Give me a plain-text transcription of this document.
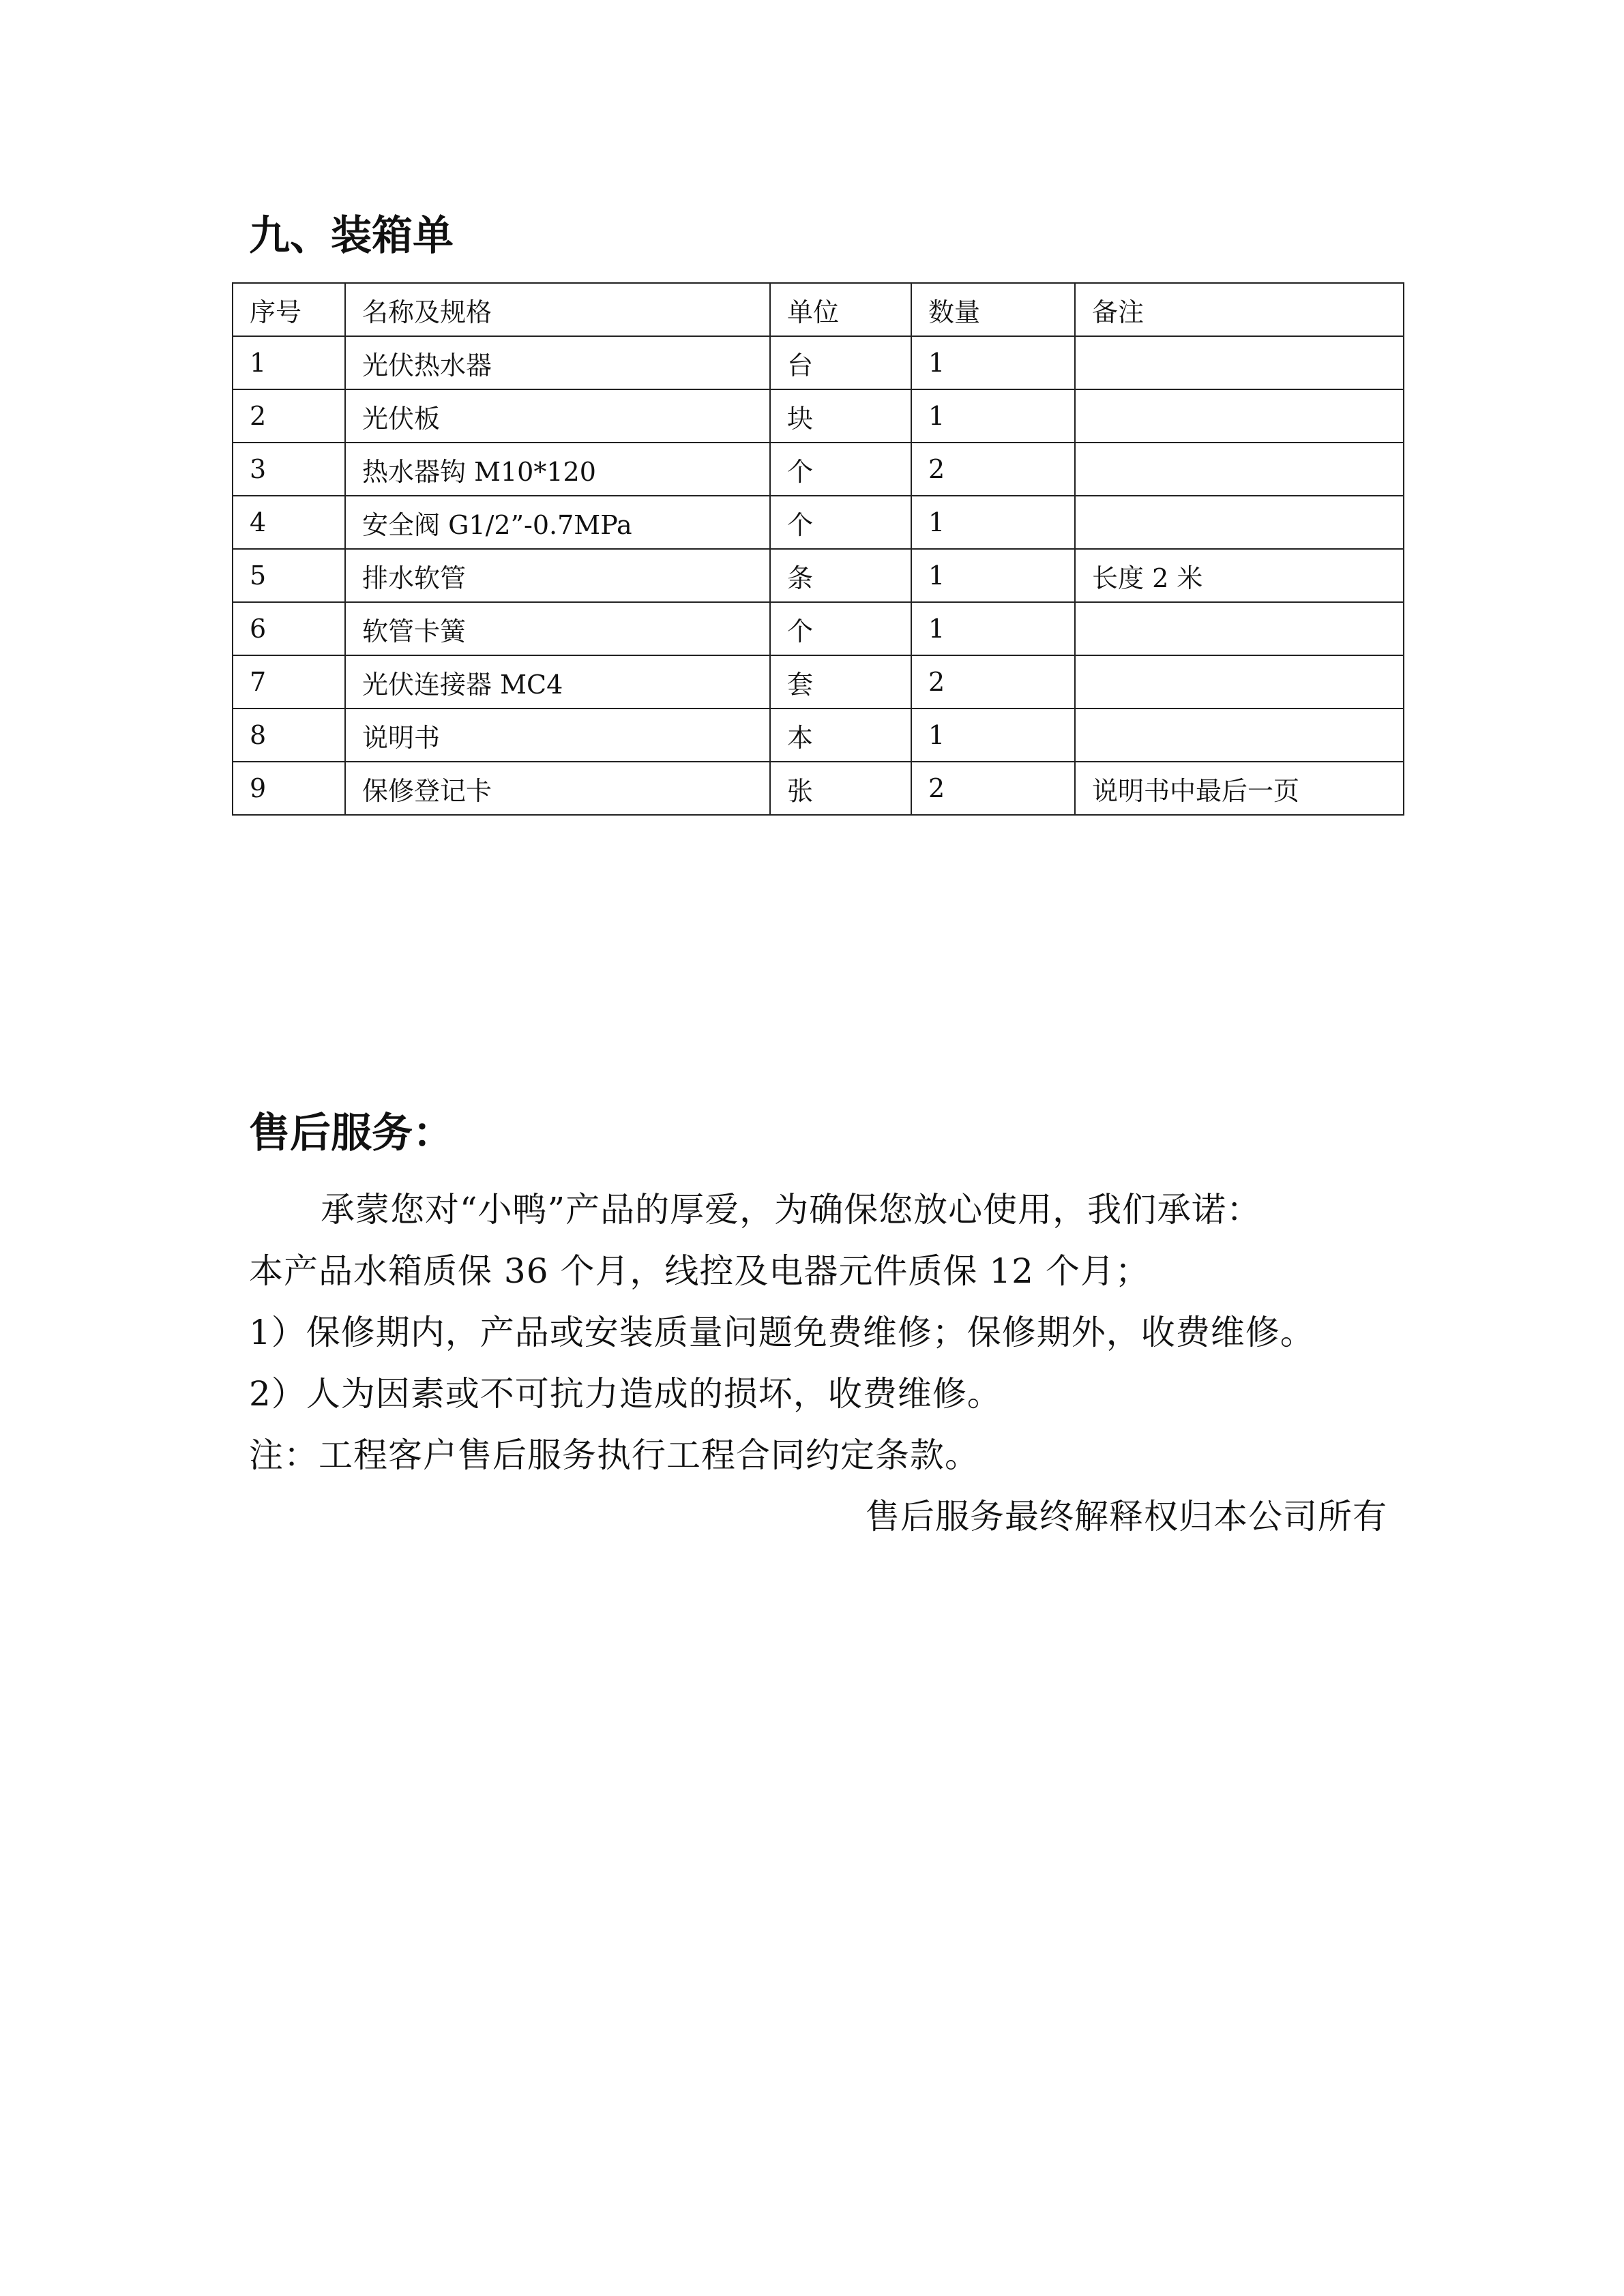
九、装箱单
序号	名称及规格	单位	数量	备注
1	光伏热水器	台	1	
2	光伏板	块	1	
3	热水器钩 M10*120	个	2	
4	安全阀 G1/2”-0.7MPa	个	1	
5	排水软管	条	1	长度 2 米
6	软管卡簧	个	1	
7	光伏连接器 MC4	套	2	
8	说明书	本	1	
9	保修登记卡	张	2	说明书中最后一页
售后服务：
承蒙您对“小鸭”产品的厚爱，为确保您放心使用，我们承诺：
本产品水箱质保 36 个月，线控及电器元件质保 12 个月；
1）保修期内，产品或安装质量问题免费维修；保修期外，收费维修。
2）人为因素或不可抗力造成的损坏，收费维修。
注：工程客户售后服务执行工程合同约定条款。
售后服务最终解释权归本公司所有
